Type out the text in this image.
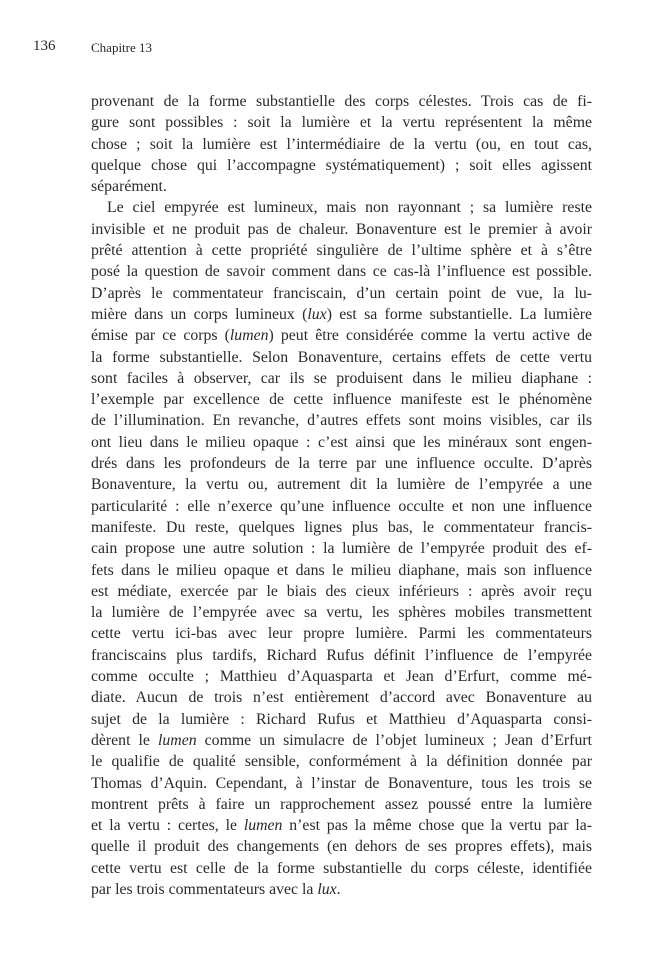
136	Chapitre 13
provenant de la forme substantielle des corps célestes. Trois cas de fi-
gure sont possibles : soit la lumière et la vertu représentent la même
chose ; soit la lumière est l’intermédiaire de la vertu (ou, en tout cas,
quelque chose qui l’accompagne systématiquement) ; soit elles agissent
séparément.
Le ciel empyrée est lumineux, mais non rayonnant ; sa lumière reste
invisible et ne produit pas de chaleur. Bonaventure est le premier à avoir
prêté attention à cette propriété singulière de l’ultime sphère et à s’être
posé la question de savoir comment dans ce cas-là l’influence est possible.
D’après le commentateur franciscain, d’un certain point de vue, la lu-
mière dans un corps lumineux (lux) est sa forme substantielle. La lumière
émise par ce corps (lumen) peut être considérée comme la vertu active de
la forme substantielle. Selon Bonaventure, certains effets de cette vertu
sont faciles à observer, car ils se produisent dans le milieu diaphane :
l’exemple par excellence de cette influence manifeste est le phénomène
de l’illumination. En revanche, d’autres effets sont moins visibles, car ils
ont lieu dans le milieu opaque : c’est ainsi que les minéraux sont engen-
drés dans les profondeurs de la terre par une influence occulte. D’après
Bonaventure, la vertu ou, autrement dit la lumière de l’empyrée a une
particularité : elle n’exerce qu’une influence occulte et non une influence
manifeste. Du reste, quelques lignes plus bas, le commentateur francis-
cain propose une autre solution : la lumière de l’empyrée produit des ef-
fets dans le milieu opaque et dans le milieu diaphane, mais son influence
est médiate, exercée par le biais des cieux inférieurs : après avoir reçu
la lumière de l’empyrée avec sa vertu, les sphères mobiles transmettent
cette vertu ici-bas avec leur propre lumière. Parmi les commentateurs
franciscains plus tardifs, Richard Rufus définit l’influence de l’empyrée
comme occulte ; Matthieu d’Aquasparta et Jean d’Erfurt, comme mé-
diate. Aucun de trois n’est entièrement d’accord avec Bonaventure au
sujet de la lumière : Richard Rufus et Matthieu d’Aquasparta consi-
dèrent le lumen comme un simulacre de l’objet lumineux ; Jean d’Erfurt
le qualifie de qualité sensible, conformément à la définition donnée par
Thomas d’Aquin. Cependant, à l’instar de Bonaventure, tous les trois se
montrent prêts à faire un rapprochement assez poussé entre la lumière
et la vertu : certes, le lumen n’est pas la même chose que la vertu par la-
quelle il produit des changements (en dehors de ses propres effets), mais
cette vertu est celle de la forme substantielle du corps céleste, identifiée
par les trois commentateurs avec la lux.
